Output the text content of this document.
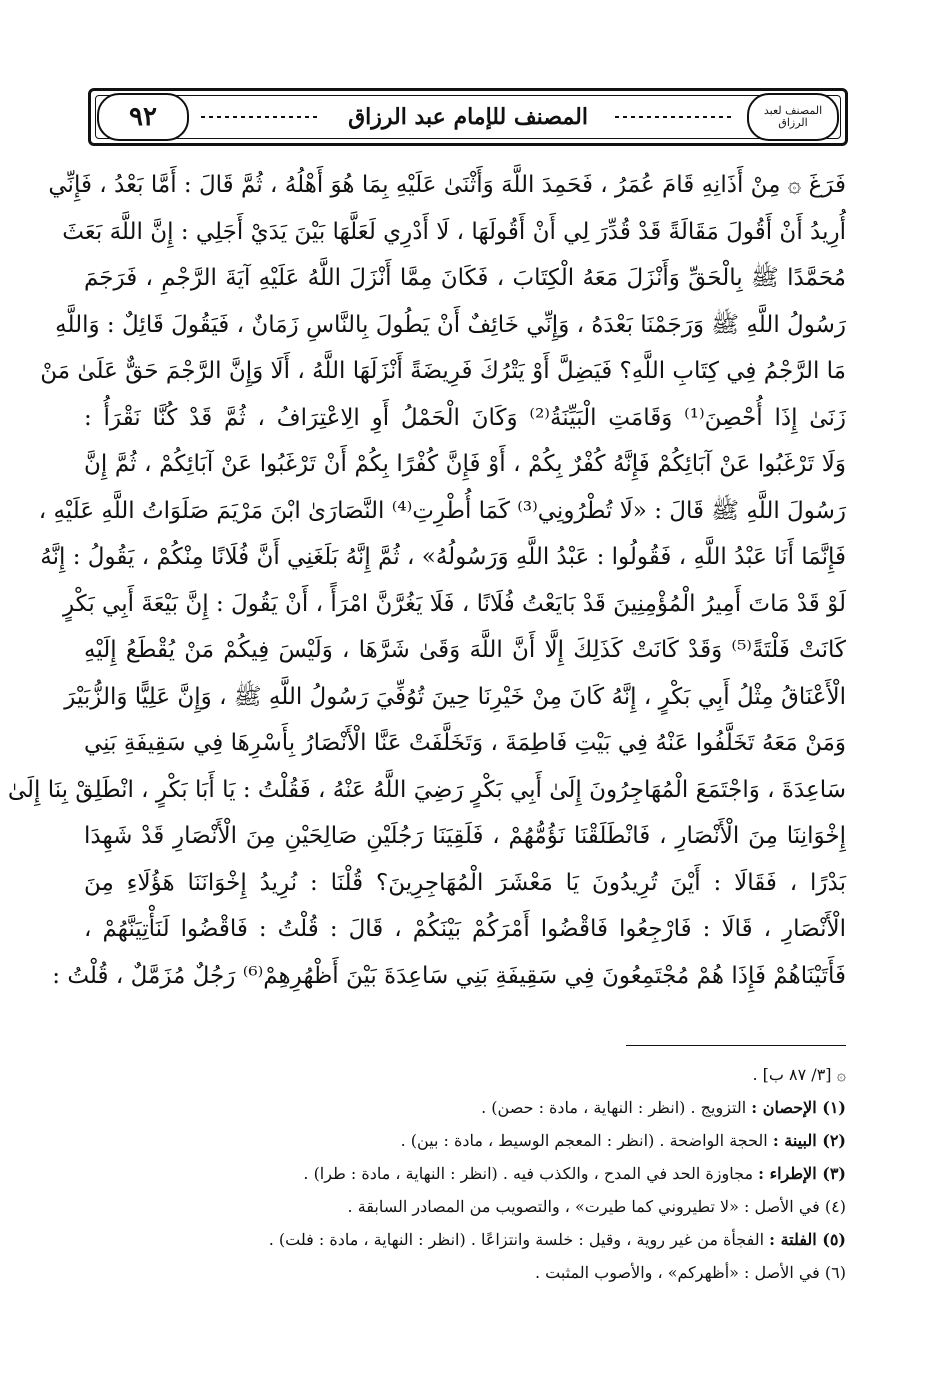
٩٢	المصنف للإمام عبد الرزاق	المصنف لعبد الرزاق
فَرَغَ ۞ مِنْ أَذَانِهِ قَامَ عُمَرُ ، فَحَمِدَ اللَّهَ وَأَثْنَىٰ عَلَيْهِ بِمَا هُوَ أَهْلُهُ ، ثُمَّ قَالَ : أَمَّا بَعْدُ ، فَإِنِّي
أُرِيدُ أَنْ أَقُولَ مَقَالَةً قَدْ قُدِّرَ لِي أَنْ أَقُولَهَا ، لَا أَدْرِي لَعَلَّهَا بَيْنَ يَدَيْ أَجَلِي : إِنَّ اللَّهَ بَعَثَ
مُحَمَّدًا ﷺ بِالْحَقِّ وَأَنْزَلَ مَعَهُ الْكِتَابَ ، فَكَانَ مِمَّا أَنْزَلَ اللَّهُ عَلَيْهِ آيَةَ الرَّجْمِ ، فَرَجَمَ
رَسُولُ اللَّهِ ﷺ وَرَجَمْنَا بَعْدَهُ ، وَإِنِّي خَائِفٌ أَنْ يَطُولَ بِالنَّاسِ زَمَانٌ ، فَيَقُولَ قَائِلٌ : وَاللَّهِ
مَا الرَّجْمُ فِي كِتَابِ اللَّهِ؟ فَيَضِلَّ أَوْ يَتْرُكَ فَرِيضَةً أَنْزَلَهَا اللَّهُ ، أَلَا وَإِنَّ الرَّجْمَ حَقٌّ عَلَىٰ مَنْ
زَنَىٰ إِذَا أُحْصِنَ⁽¹⁾ وَقَامَتِ الْبَيِّنَةُ⁽²⁾ وَكَانَ الْحَمْلُ أَوِ الِاعْتِرَافُ ، ثُمَّ قَدْ كُنَّا نَقْرَأُ :
وَلَا تَرْغَبُوا عَنْ آبَائِكُمْ فَإِنَّهُ كُفْرٌ بِكُمْ ، أَوْ فَإِنَّ كُفْرًا بِكُمْ أَنْ تَرْغَبُوا عَنْ آبَائِكُمْ ، ثُمَّ إِنَّ
رَسُولَ اللَّهِ ﷺ قَالَ : «لَا تُطْرُونِي⁽³⁾ كَمَا أُطْرِتِ⁽⁴⁾ النَّصَارَىٰ ابْنَ مَرْيَمَ صَلَوَاتُ اللَّهِ عَلَيْهِ ،
فَإِنَّمَا أَنَا عَبْدُ اللَّهِ ، فَقُولُوا : عَبْدُ اللَّهِ وَرَسُولُهُ» ، ثُمَّ إِنَّهُ بَلَغَنِي أَنَّ فُلَانًا مِنْكُمْ ، يَقُولُ : إِنَّهُ
لَوْ قَدْ مَاتَ أَمِيرُ الْمُؤْمِنِينَ قَدْ بَايَعْتُ فُلَانًا ، فَلَا يَغُرَّنَّ امْرَأً ، أَنْ يَقُولَ : إِنَّ بَيْعَةَ أَبِي بَكْرٍ
كَانَتْ فَلْتَةً⁽⁵⁾ وَقَدْ كَانَتْ كَذَلِكَ إِلَّا أَنَّ اللَّهَ وَقَىٰ شَرَّهَا ، وَلَيْسَ فِيكُمْ مَنْ يُقْطَعُ إِلَيْهِ
الْأَعْنَاقُ مِثْلُ أَبِي بَكْرٍ ، إِنَّهُ كَانَ مِنْ خَيْرِنَا حِينَ تُوُفِّيَ رَسُولُ اللَّهِ ﷺ ، وَإِنَّ عَلِيًّا وَالزُّبَيْرَ
وَمَنْ مَعَهُ تَخَلَّفُوا عَنْهُ فِي بَيْتِ فَاطِمَةَ ، وَتَخَلَّفَتْ عَنَّا الْأَنْصَارُ بِأَسْرِهَا فِي سَقِيفَةِ بَنِي
سَاعِدَةَ ، وَاجْتَمَعَ الْمُهَاجِرُونَ إِلَىٰ أَبِي بَكْرٍ رَضِيَ اللَّهُ عَنْهُ ، فَقُلْتُ : يَا أَبَا بَكْرٍ ، انْطَلِقْ بِنَا إِلَىٰ
إِخْوَانِنَا مِنَ الْأَنْصَارِ ، فَانْطَلَقْنَا نَؤُمُّهُمْ ، فَلَقِيَنَا رَجُلَيْنِ صَالِحَيْنِ مِنَ الْأَنْصَارِ قَدْ شَهِدَا
بَدْرًا ، فَقَالَا : أَيْنَ تُرِيدُونَ يَا مَعْشَرَ الْمُهَاجِرِينَ؟ قُلْنَا : نُرِيدُ إِخْوَانَنَا هَؤُلَاءِ مِنَ
الْأَنْصَارِ ، قَالَا : فَارْجِعُوا فَاقْضُوا أَمْرَكُمْ بَيْنَكُمْ ، قَالَ : قُلْتُ : فَاقْضُوا لَنَأْتِيَنَّهُمْ ،
فَأَتَيْنَاهُمْ فَإِذَا هُمْ مُجْتَمِعُونَ فِي سَقِيفَةِ بَنِي سَاعِدَةَ بَيْنَ أَظْهُرِهِمْ⁽⁶⁾ رَجُلٌ مُزَمَّلٌ ، قُلْتُ :
۞ [٣/ ٨٧ ب] .
(١) الإحصان : التزويج . (انظر : النهاية ، مادة : حصن) .
(٢) البينة : الحجة الواضحة . (انظر : المعجم الوسيط ، مادة : بين) .
(٣) الإطراء : مجاوزة الحد في المدح ، والكذب فيه . (انظر : النهاية ، مادة : طرا) .
(٤) في الأصل : «لا تطيروني كما طيرت» ، والتصويب من المصادر السابقة .
(٥) الفلتة : الفجأة من غير روية ، وقيل : خلسة وانتزاعًا . (انظر : النهاية ، مادة : فلت) .
(٦) في الأصل : «أظهركم» ، والأصوب المثبت .
